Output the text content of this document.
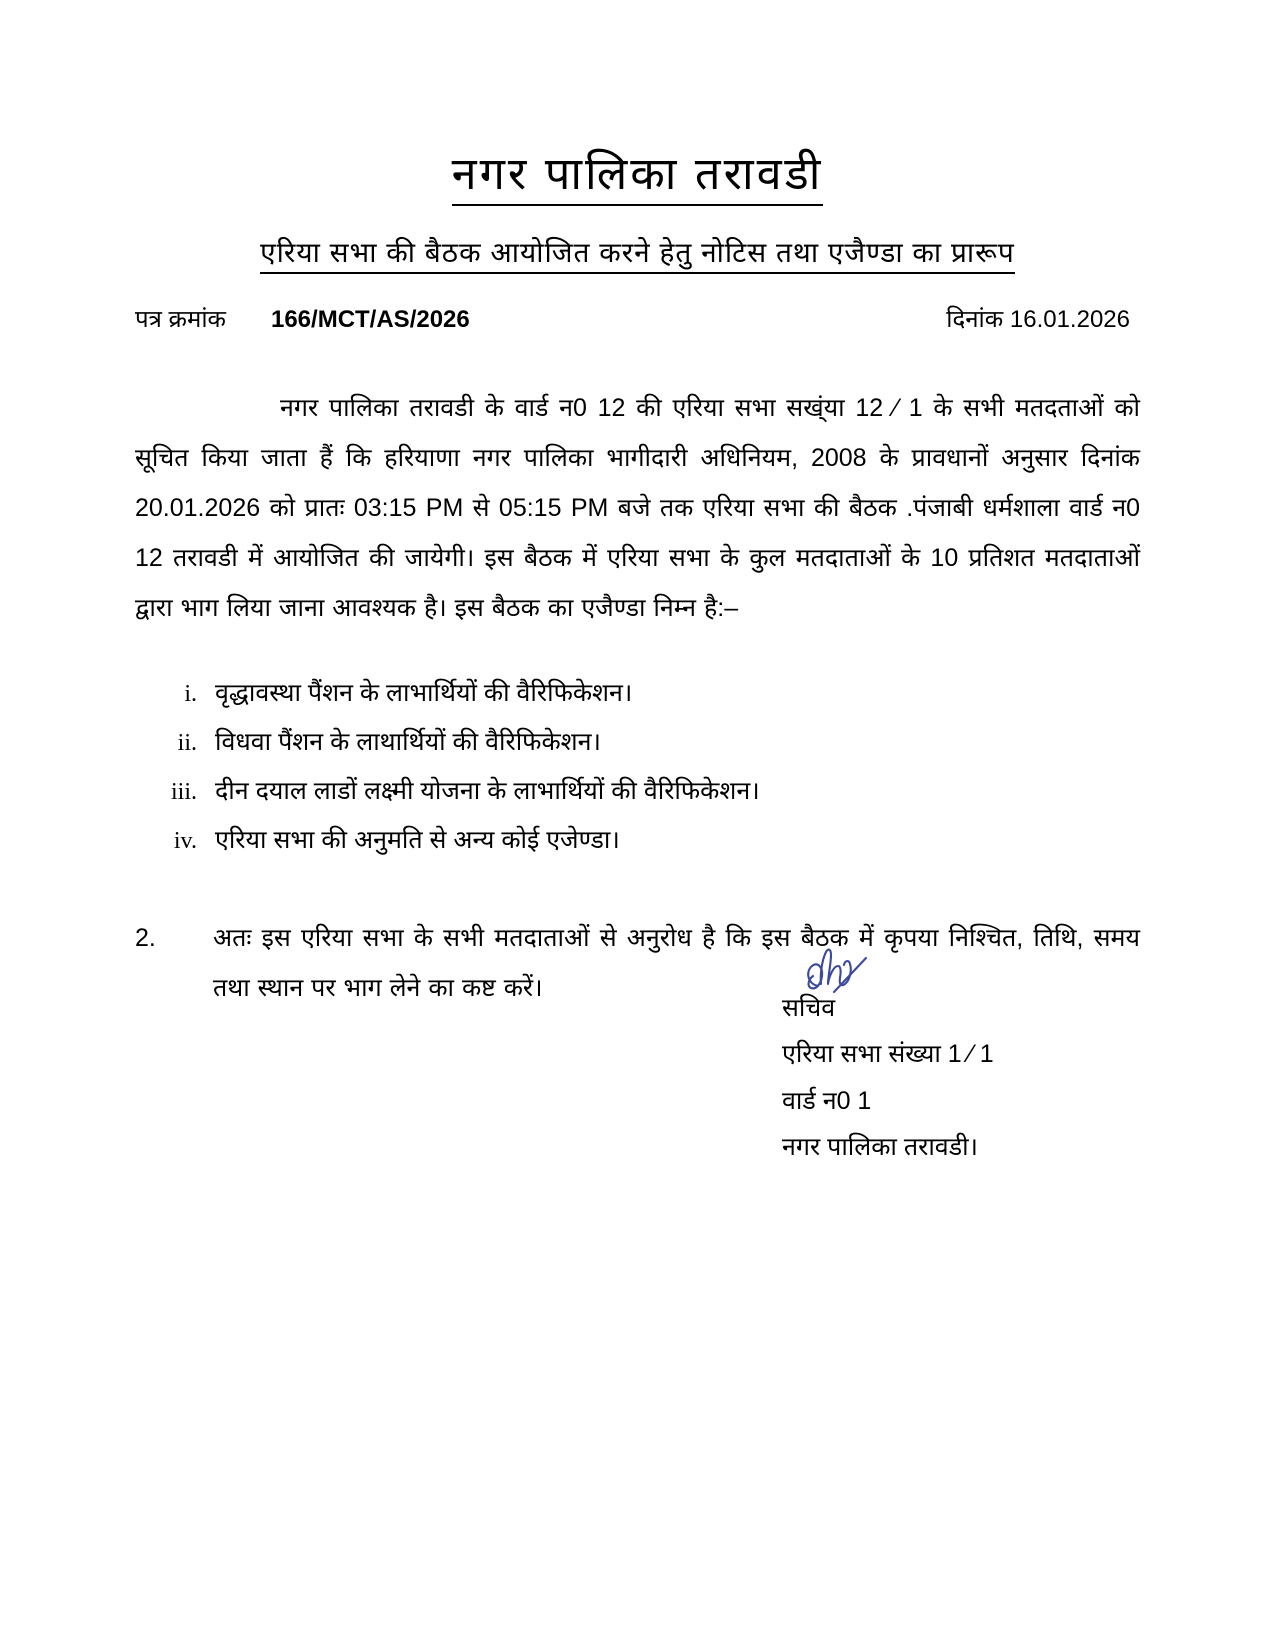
नगर पालिका तरावडी
एरिया सभा की बैठक आयोजित करने हेतु नोटिस तथा एजैण्डा का प्रारूप
पत्र क्रमांक 166/MCT/AS/2026	दिनांक 16.01.2026

नगर पालिका तरावडी के वार्ड न0 12 की एरिया सभा सख्ंया 12 ⁄ 1 के सभी मतदताओं को सूचित किया जाता हैं कि हरियाणा नगर पालिका भागीदारी अधिनियम, 2008 के प्रावधानों अनुसार दिनांक 20.01.2026 को प्रातः 03:15 PM से 05:15 PM बजे तक एरिया सभा की बैठक .पंजाबी धर्मशाला वार्ड न0 12 तरावडी में आयोजित की जायेगी। इस बैठक में एरिया सभा के कुल मतदाताओं के 10 प्रतिशत मतदाताओं द्वारा भाग लिया जाना आवश्यक है। इस बैठक का एजैण्डा निम्न है:–

i. वृद्धावस्था पैंशन के लाभार्थियों की वैरिफिकेशन।
ii. विधवा पैंशन के लाथार्थियों की वैरिफिकेशन।
iii. दीन दयाल लाडों लक्ष्मी योजना के लाभार्थियों की वैरिफिकेशन।
iv. एरिया सभा की अनुमति से अन्य कोई एजेण्डा।
2.	अतः इस एरिया सभा के सभी मतदाताओं से अनुरोध है कि इस बैठक में कृपया निश्चित, तिथि, समय तथा स्थान पर भाग लेने का कष्ट करें।
सचिव
एरिया सभा संख्या 1 ⁄ 1
वार्ड न0 1
नगर पालिका तरावडी।
